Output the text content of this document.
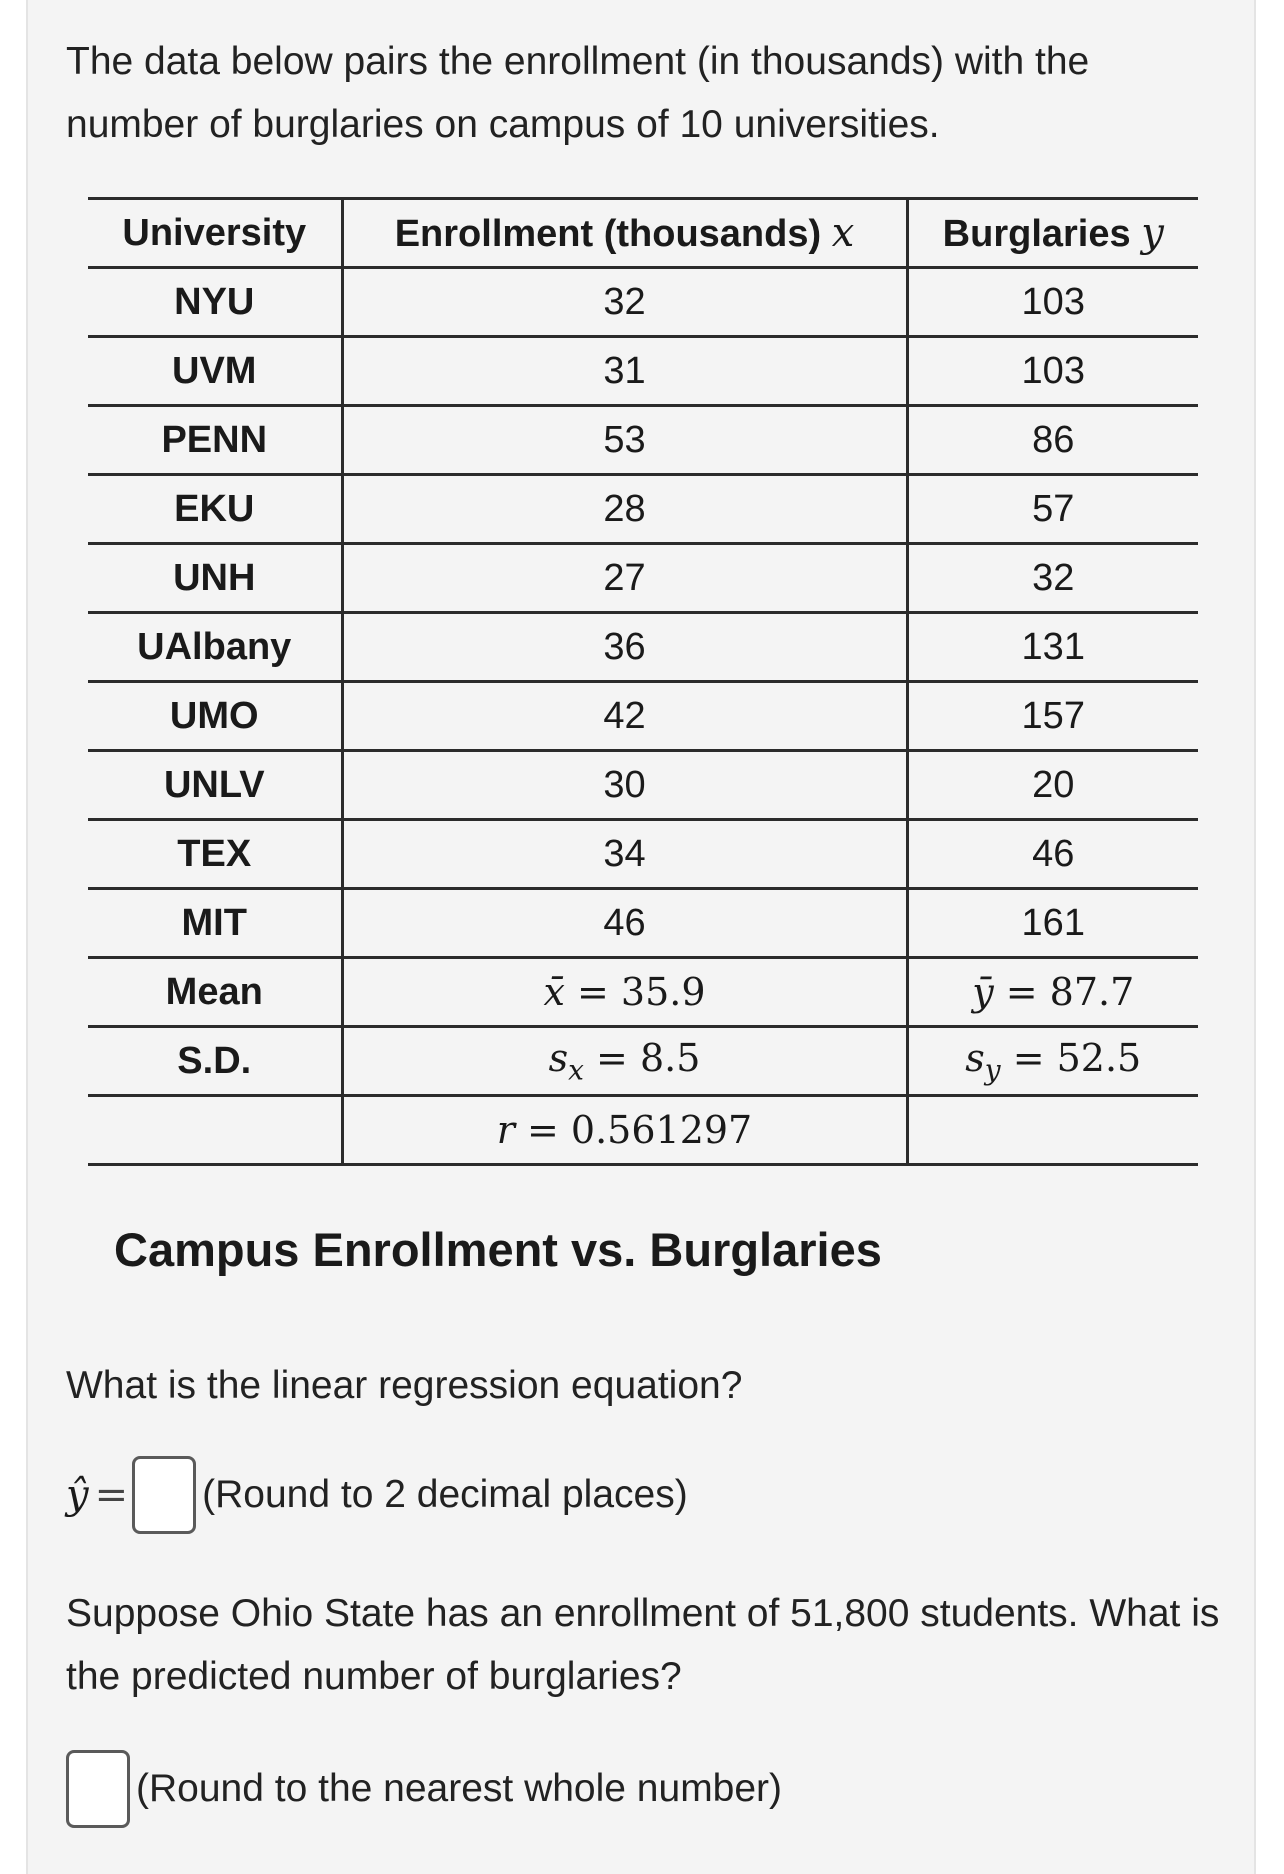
The data below pairs the enrollment (in thousands) with the number of burglaries on campus of 10 universities.
University	Enrollment (thousands) x	Burglaries y
NYU	32	103
UVM	31	103
PENN	53	86
EKU	28	57
UNH	27	32
UAlbany	36	131
UMO	42	157
UNLV	30	20
TEX	34	46
MIT	46	161
Mean	x̄ = 35.9	ȳ = 87.7
S.D.	$s_x = 8.5$	$s_y = 52.5$
	r = 0.561297	
Campus Enrollment vs. Burglaries
What is the linear regression equation?
ŷ = (Round to 2 decimal places)
Suppose Ohio State has an enrollment of 51,800 students. What is the predicted number of burglaries?
(Round to the nearest whole number)
